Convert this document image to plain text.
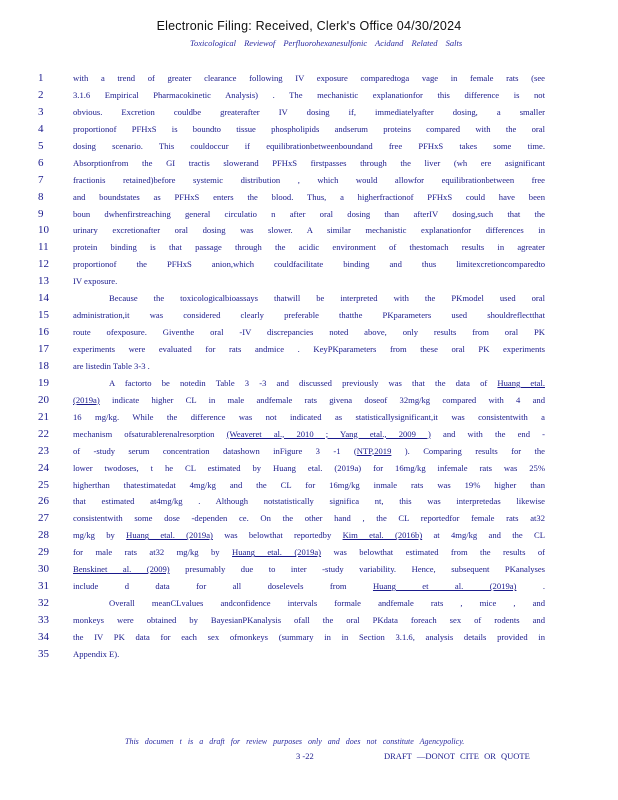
Electronic Filing: Received, Clerk's Office 04/30/2024
Toxicological Reviewof Perfluorohexanesulfonic Acidand Related Salts
1
2
3
4
5
6
7
8
9
10
11
12
13
14
15
16
17
18
19
20
21
22
23
24
25
26
27
28
29
30
31
32
33
34
35
with a trend of greater clearance following IV exposure comparedtoga vage in female rats (see
3.1.6 Empirical Pharmacokinetic Analysis) . The mechanistic explanationfor this difference is not
obvious. Excretion couldbe greaterafter IV dosing if, immediatelyafter dosing, a smaller
proportionof PFHxS is boundto tissue phospholipids andserum proteins compared with the oral
dosing scenario. This couldoccur if equilibrationbetweenboundand free PFHxS takes some time.
Absorptionfrom the GI tractis slowerand PFHxS firstpasses through the liver (wh ere asignificant
fractionis retained)before systemic distribution , which would allowfor equilibrationbetween free
and boundstates as PFHxS enters the blood. Thus, a higherfractionof PFHxS could have been
boun dwhenfirstreaching general circulatio n after oral dosing than afterIV dosing,such that the
urinary excretionafter oral dosing was slower. A similar mechanistic explanationfor differences in
protein binding is that passage through the acidic environment of thestomach results in agreater
proportionof the PFHxS anion,which couldfacilitate binding and thus limitexcretioncomparedto
IV exposure.
Because the toxicologicalbioassays thatwill be interpreted with the PKmodel used oral
administration,it was considered clearly preferable thatthe PKparameters used shouldreflectthat
route ofexposure. Giventhe oral -IV discrepancies noted above, only results from oral PK
experiments were evaluated for rats andmice . KeyPKparameters from these oral PK experiments
are listedin Table 3-3 .
A factorto be notedin Table 3 -3 and discussed previously was that the data of Huang etal.
(2019a) indicate higher CL in male andfemale rats givena doseof 32mg/kg compared with 4 and
16 mg/kg. While the difference was not indicated as statisticallysignificant,it was consistentwith a
mechanism ofsaturablerenalresorption (Weaveret al., 2010 ; Yang etal., 2009 ) and with the end -
of -study serum concentration datashown inFigure 3 -1 (NTP,2019 ). Comparing results for the
lower twodoses, t he CL estimated by Huang etal. (2019a) for 16mg/kg infemale rats was 25%
higherthan thatestimatedat 4mg/kg and the CL for 16mg/kg inmale rats was 19% higher than
that estimated at4mg/kg . Although notstatistically significa nt, this was interpretedas likewise
consistentwith some dose -dependen ce. On the other hand , the CL reportedfor female rats at32
mg/kg by Huang etal. (2019a) was belowthat reportedby Kim etal. (2016b) at 4mg/kg and the CL
for male rats at32 mg/kg by Huang etal. (2019a) was belowthat estimated from the results of
Benskinet al. (2009) presumably due to inter -study variability. Hence, subsequent PKanalyses
include d data for all doselevels from Huang et al. (2019a) .
Overall meanCLvalues andconfidence intervals formale andfemale rats , mice , and
monkeys were obtained by BayesianPKanalysis ofall the oral PKdata foreach sex of rodents and
the IV PK data for each sex ofmonkeys (summary in in Section 3.1.6, analysis details provided in
Appendix E).
This documen t is a draft for review purposes only and does not constitute Agencypolicy.
3 -22	DRAFT —DONOT CITE OR QUOTE
